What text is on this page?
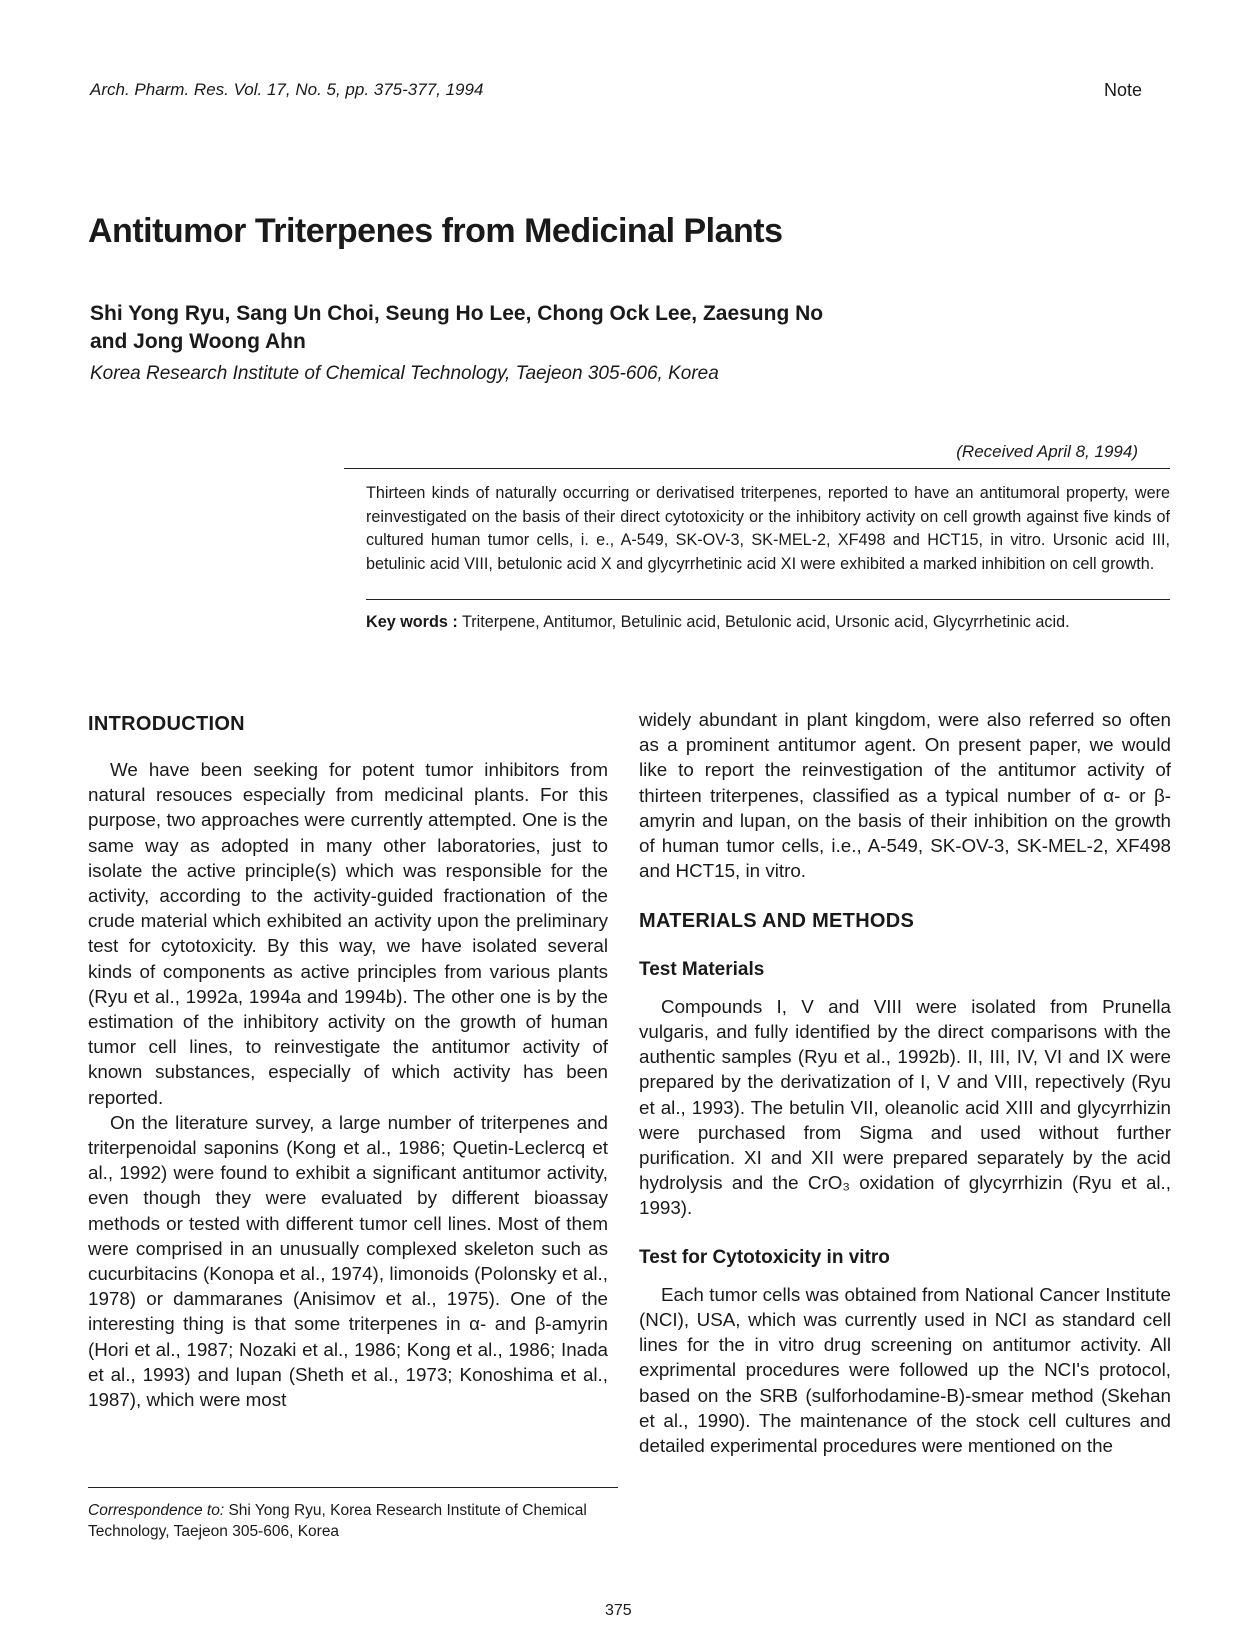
Arch. Pharm. Res. Vol. 17, No. 5, pp. 375-377, 1994	Note
Antitumor Triterpenes from Medicinal Plants
Shi Yong Ryu, Sang Un Choi, Seung Ho Lee, Chong Ock Lee, Zaesung No
and Jong Woong Ahn
Korea Research Institute of Chemical Technology, Taejeon 305-606, Korea
(Received April 8, 1994)
Thirteen kinds of naturally occurring or derivatised triterpenes, reported to have an antitumoral property, were reinvestigated on the basis of their direct cytotoxicity or the inhibitory activity on cell growth against five kinds of cultured human tumor cells, i. e., A-549, SK-OV-3, SK-MEL-2, XF498 and HCT15, in vitro. Ursonic acid III, betulinic acid VIII, betulonic acid X and glycyrrhetinic acid XI were exhibited a marked inhibition on cell growth.
Key words : Triterpene, Antitumor, Betulinic acid, Betulonic acid, Ursonic acid, Glycyrrhetinic acid.
INTRODUCTION

We have been seeking for potent tumor inhibitors from natural resouces especially from medicinal plants. For this purpose, two approaches were currently attempted. One is the same way as adopted in many other laboratories, just to isolate the active principle(s) which was responsible for the activity, according to the activity-guided fractionation of the crude material which exhibited an activity upon the preliminary test for cytotoxicity. By this way, we have isolated several kinds of components as active principles from various plants (Ryu et al., 1992a, 1994a and 1994b). The other one is by the estimation of the inhibitory activity on the growth of human tumor cell lines, to reinvestigate the antitumor activity of known substances, especially of which activity has been reported.

On the literature survey, a large number of triterpenes and triterpenoidal saponins (Kong et al., 1986; Quetin-Leclercq et al., 1992) were found to exhibit a significant antitumor activity, even though they were evaluated by different bioassay methods or tested with different tumor cell lines. Most of them were comprised in an unusually complexed skeleton such as cucurbitacins (Konopa et al., 1974), limonoids (Polonsky et al., 1978) or dammaranes (Anisimov et al., 1975). One of the interesting thing is that some triterpenes in α- and β-amyrin (Hori et al., 1987; Nozaki et al., 1986; Kong et al., 1986; Inada et al., 1993) and lupan (Sheth et al., 1973; Konoshima et al., 1987), which were most

widely abundant in plant kingdom, were also referred so often as a prominent antitumor agent. On present paper, we would like to report the reinvestigation of the antitumor activity of thirteen triterpenes, classified as a typical number of α- or β-amyrin and lupan, on the basis of their inhibition on the growth of human tumor cells, i.e., A-549, SK-OV-3, SK-MEL-2, XF498 and HCT15, in vitro.

MATERIALS AND METHODS
Test Materials

Compounds I, V and VIII were isolated from Prunella vulgaris, and fully identified by the direct comparisons with the authentic samples (Ryu et al., 1992b). II, III, IV, VI and IX were prepared by the derivatization of I, V and VIII, repectively (Ryu et al., 1993). The betulin VII, oleanolic acid XIII and glycyrrhizin were purchased from Sigma and used without further purification. XI and XII were prepared separately by the acid hydrolysis and the CrO₃ oxidation of glycyrrhizin (Ryu et al., 1993).

Test for Cytotoxicity in vitro

Each tumor cells was obtained from National Cancer Institute (NCI), USA, which was currently used in NCI as standard cell lines for the in vitro drug screening on antitumor activity. All exprimental procedures were followed up the NCI's protocol, based on the SRB (sulforhodamine-B)-smear method (Skehan et al., 1990). The maintenance of the stock cell cultures and detailed experimental procedures were mentioned on the

Correspondence to: Shi Yong Ryu, Korea Research Institute of Chemical Technology, Taejeon 305-606, Korea
375
